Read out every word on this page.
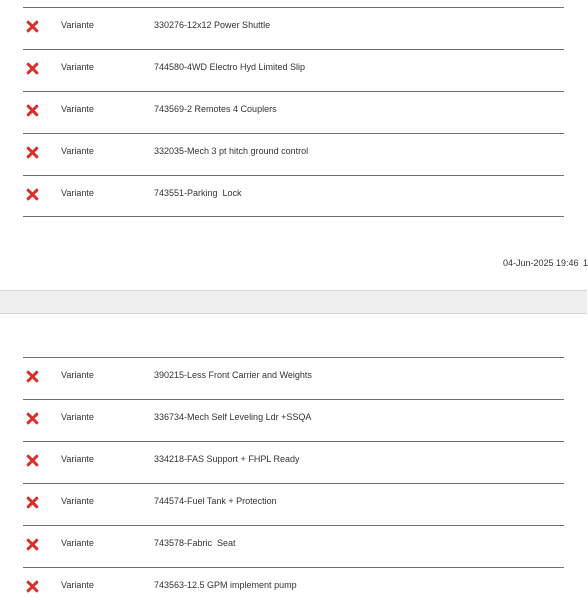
Variante	330276-12x12 Power Shuttle
Variante	744580-4WD Electro Hyd Limited Slip
Variante	743569-2 Remotes 4 Couplers
Variante	332035-Mech 3 pt hitch ground control
Variante	743551-Parking  Lock
04-Jun-2025 19:46 1
Variante	390215-Less Front Carrier and Weights
Variante	336734-Mech Self Leveling Ldr +SSQA
Variante	334218-FAS Support + FHPL Ready
Variante	744574-Fuel Tank + Protection
Variante	743578-Fabric  Seat
Variante	743563-12.5 GPM implement pump
